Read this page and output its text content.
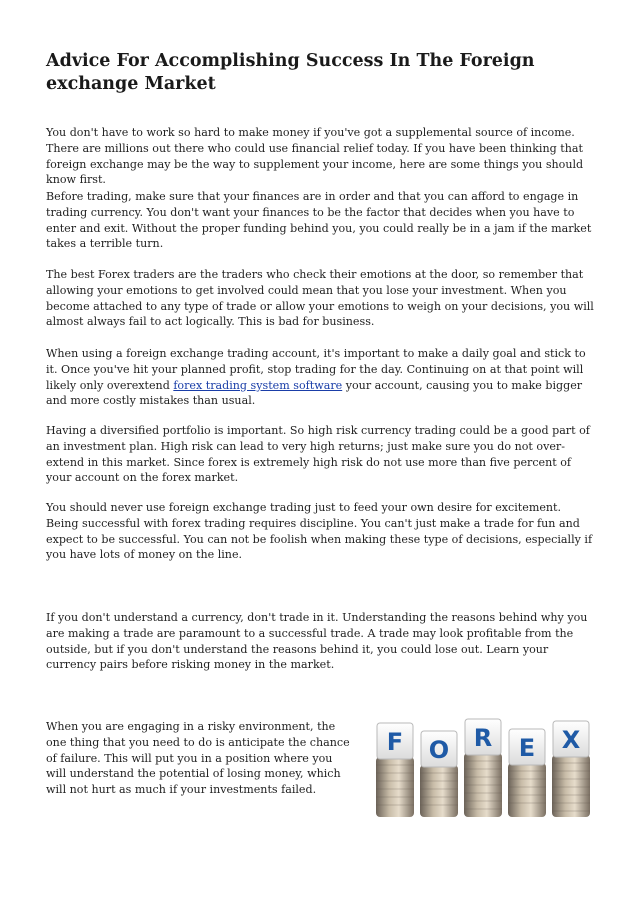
Advice For Accomplishing Success In The Foreign exchange Market

You don't have to work so hard to make money if you've got a supplemental source of income. There are millions out there who could use financial relief today. If you have been thinking that foreign exchange may be the way to supplement your income, here are some things you should know first.

Before trading, make sure that your finances are in order and that you can afford to engage in trading currency. You don't want your finances to be the factor that decides when you have to enter and exit. Without the proper funding behind you, you could really be in a jam if the market takes a terrible turn.

The best Forex traders are the traders who check their emotions at the door, so remember that allowing your emotions to get involved could mean that you lose your investment. When you become attached to any type of trade or allow your emotions to weigh on your decisions, you will almost always fail to act logically. This is bad for business.

When using a foreign exchange trading account, it's important to make a daily goal and stick to it. Once you've hit your planned profit, stop trading for the day. Continuing on at that point will likely only overextend forex trading system software your account, causing you to make bigger and more costly mistakes than usual.

Having a diversified portfolio is important. So high risk currency trading could be a good part of an investment plan. High risk can lead to very high returns; just make sure you do not over-extend in this market. Since forex is extremely high risk do not use more than five percent of your account on the forex market.

You should never use foreign exchange trading just to feed your own desire for excitement. Being successful with forex trading requires discipline. You can't just make a trade for fun and expect to be successful. You can not be foolish when making these type of decisions, especially if you have lots of money on the line.

If you don't understand a currency, don't trade in it. Understanding the reasons behind why you are making a trade are paramount to a successful trade. A trade may look profitable from the outside, but if you don't understand the reasons behind it, you could lose out. Learn your currency pairs before risking money in the market.

When you are engaging in a risky environment, the one thing that you need to do is anticipate the chance of failure. This will put you in a position where you will understand the potential of losing money, which will not hurt as much if your investments failed.

F O R E X
